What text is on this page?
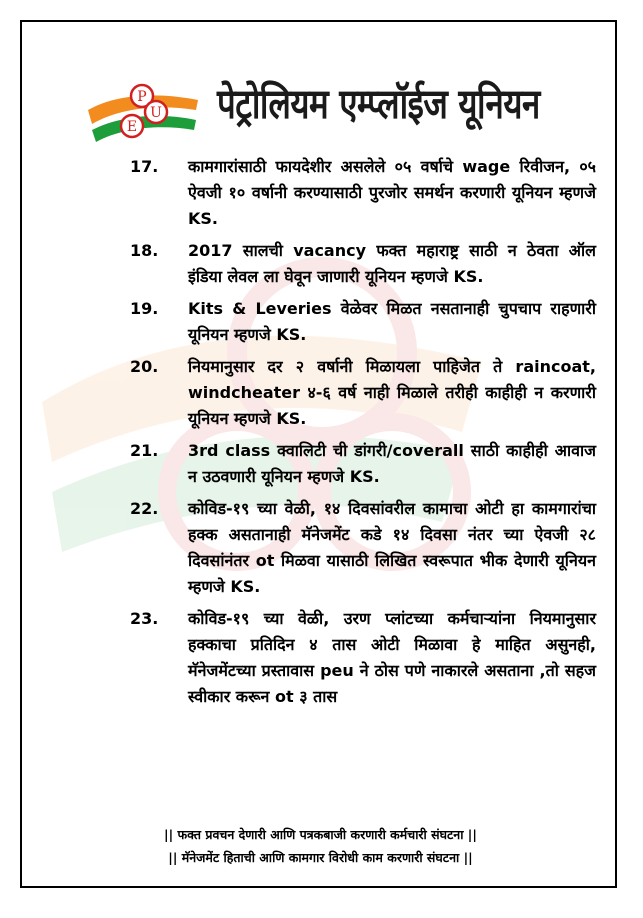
P
E
U पेट्रोलियम एम्प्लॉईज यूनियन
17.	कामगारांसाठी फायदेशीर असलेले ०५ वर्षाचे wage रिवीजन, ०५ ऐवजी १० वर्षानी करण्यासाठी पुरजोर समर्थन करणारी यूनियन म्हणजे KS.
18.	2017 सालची vacancy फक्त महाराष्ट्र साठी न ठेवता ऑल इंडिया लेवल ला घेवून जाणारी यूनियन म्हणजे KS.
19.	Kits & Leveries वेळेवर मिळत नसतानाही चुपचाप राहणारी यूनियन म्हणजे KS.
20.	नियमानुसार दर २ वर्षानी मिळायला पाहिजेत ते raincoat, windcheater ४-६ वर्ष नाही मिळाले तरीही काहीही न करणारी यूनियन म्हणजे KS.
21.	3rd class क्वालिटी ची डांगरी/coverall साठी काहीही आवाज न उठवणारी यूनियन म्हणजे KS.
22.	कोविड-१९ च्या वेळी, १४ दिवसांवरील कामाचा ओटी हा कामगारांचा हक्क असतानाही मॅनेजमेंट कडे १४ दिवसा नंतर च्या ऐवजी २८ दिवसांनंतर ot मिळवा यासाठी लिखित स्वरूपात भीक देणारी यूनियन म्हणजे KS.
23.	कोविड-१९ च्या वेळी, उरण प्लांटच्या कर्मचाऱ्यांना नियमानुसार हक्काचा प्रतिदिन ४ तास ओटी मिळावा हे माहित असुनही, मॅनेजमेंटच्या प्रस्तावास peu ने ठोस पणे नाकारले असताना ,तो सहज स्वीकार करून ot ३ तास
|| फक्त प्रवचन देणारी आणि पत्रकबाजी करणारी कर्मचारी संघटना ||
|| मॅनेजमेंट हिताची आणि कामगार विरोधी काम करणारी संघटना ||
